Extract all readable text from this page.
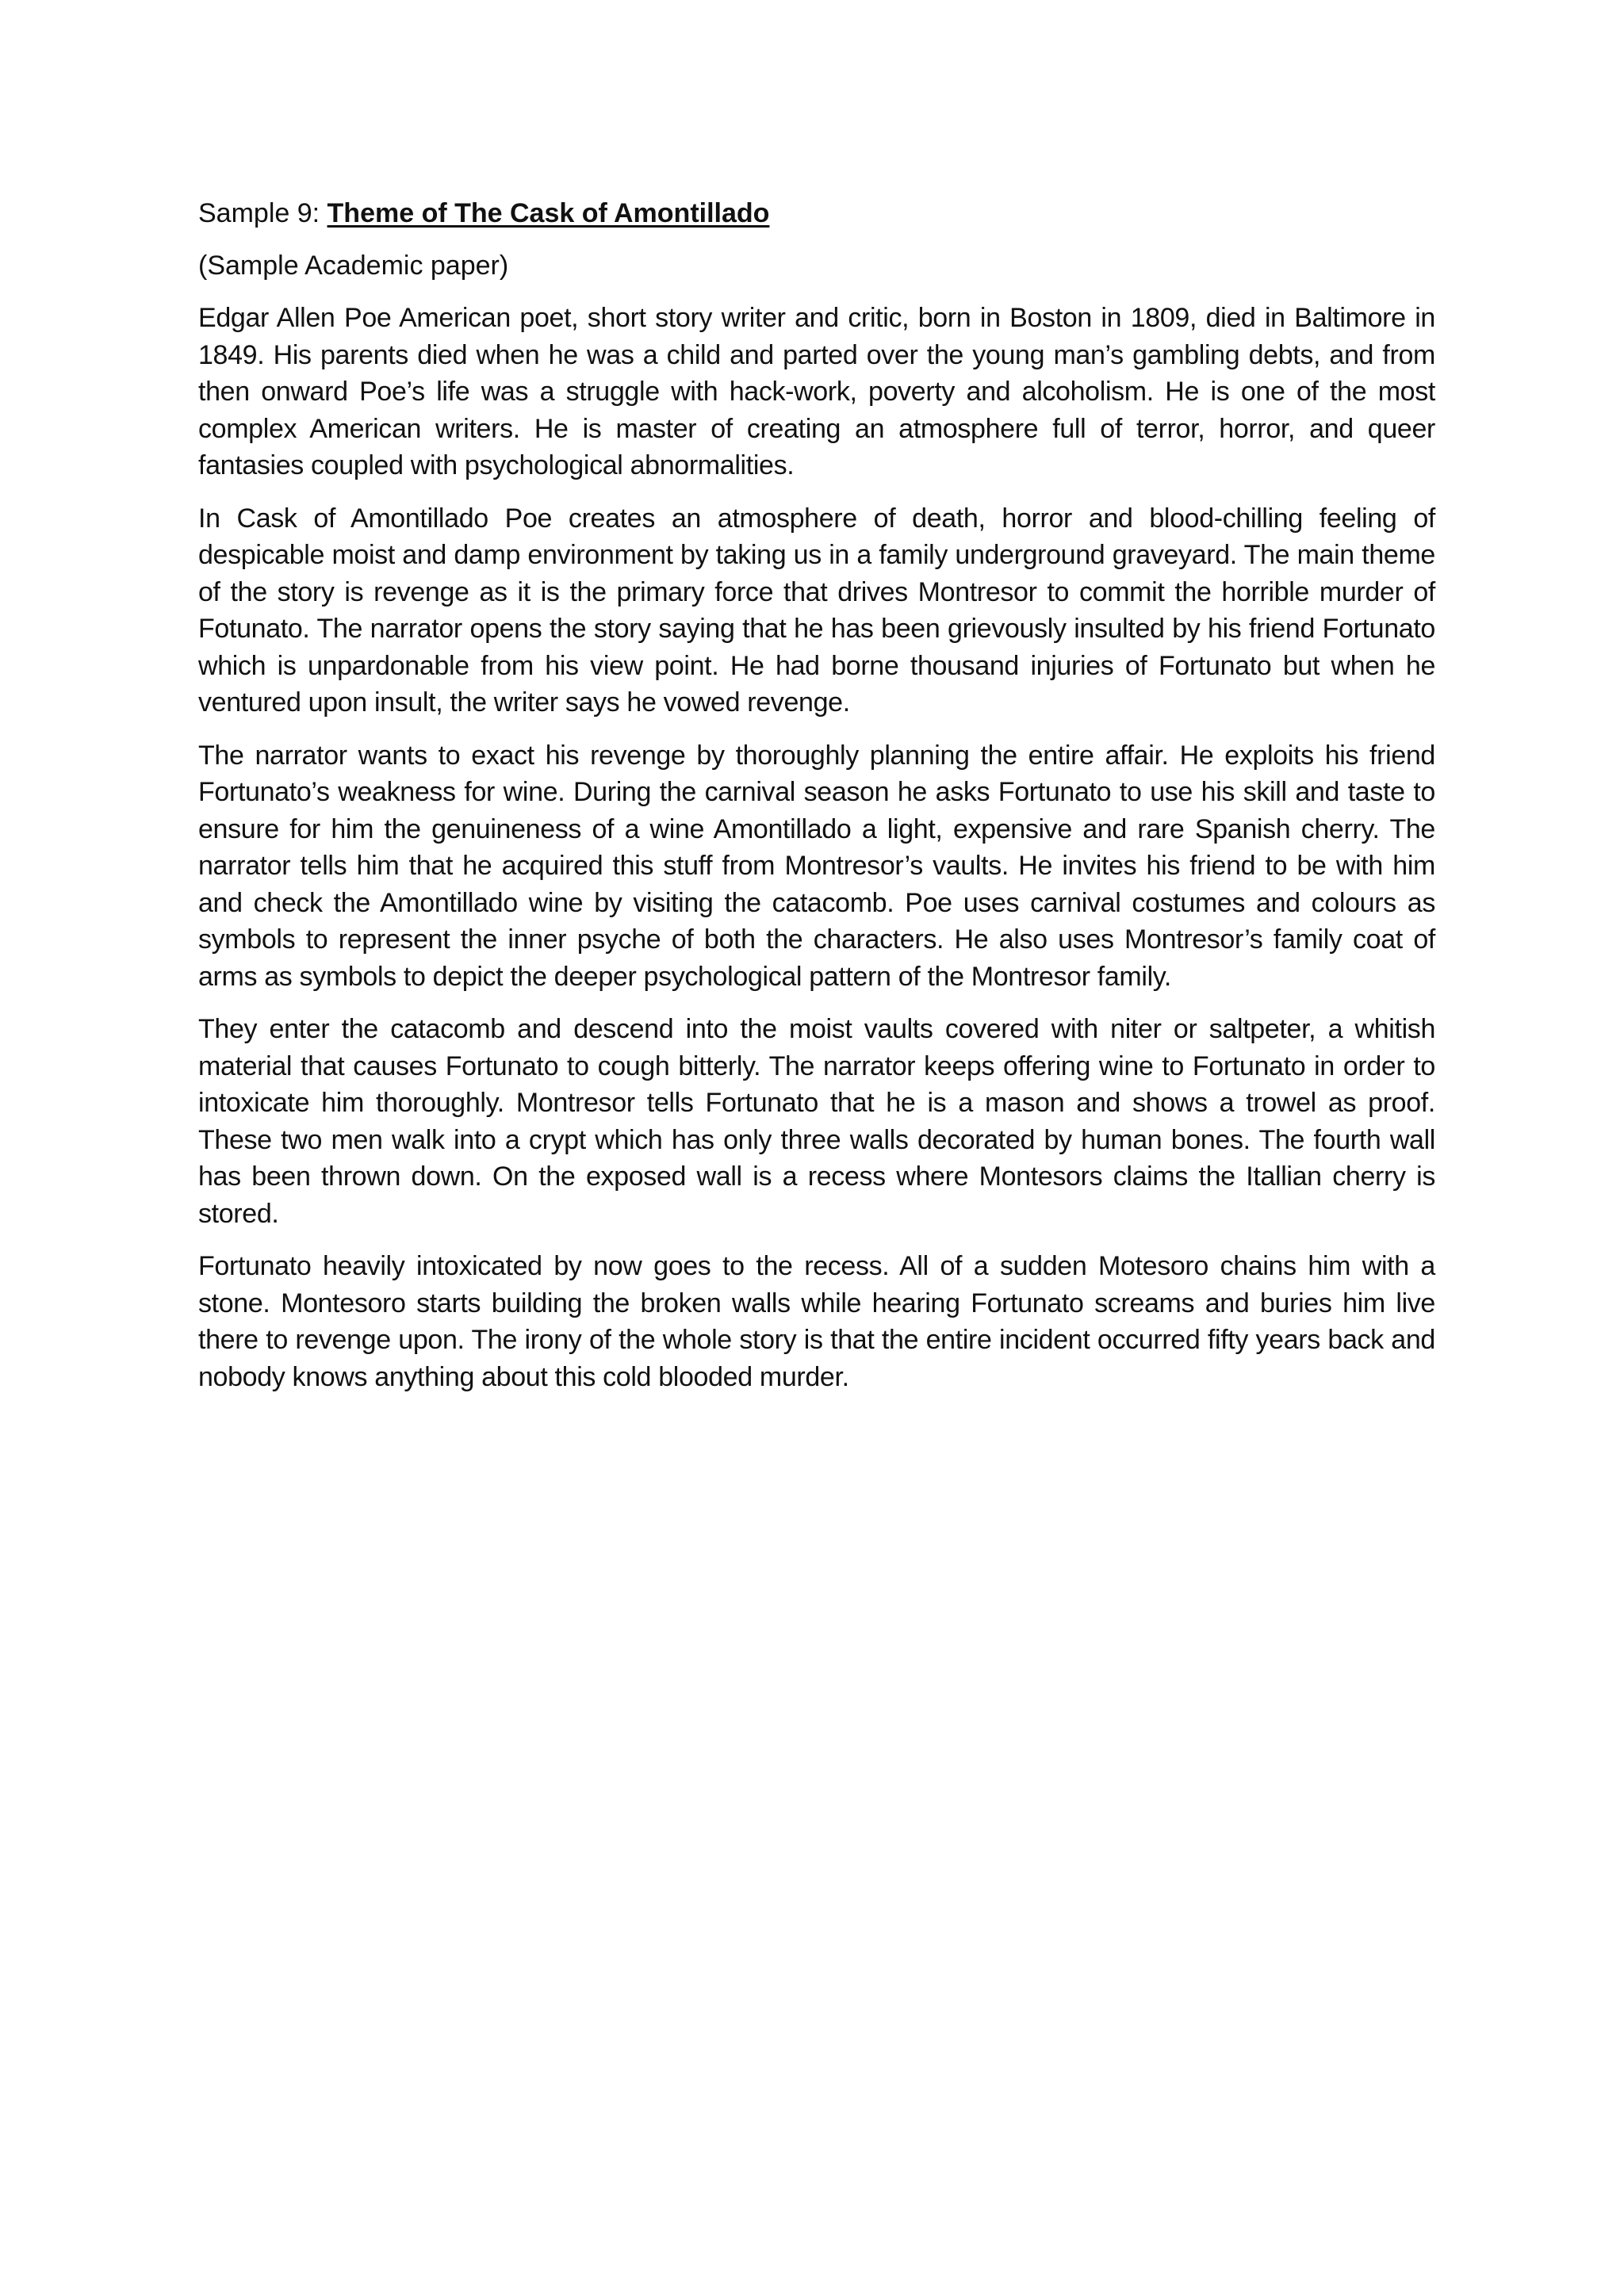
Sample 9: Theme of The Cask of Amontillado

(Sample Academic paper)

Edgar Allen Poe American poet, short story writer and critic, born in Boston in 1809, died in Baltimore in 1849. His parents died when he was a child and parted over the young man’s gambling debts, and from then onward Poe’s life was a struggle with hack-work, poverty and alcoholism. He is one of the most complex American writers. He is master of creating an atmosphere full of terror, horror, and queer fantasies coupled with psychological abnormalities.

In Cask of Amontillado Poe creates an atmosphere of death, horror and blood-chilling feeling of despicable moist and damp environment by taking us in a family underground graveyard. The main theme of the story is revenge as it is the primary force that drives Montresor to commit the horrible murder of Fotunato. The narrator opens the story saying that he has been grievously insulted by his friend Fortunato which is unpardonable from his view point. He had borne thousand injuries of Fortunato but when he ventured upon insult, the writer says he vowed revenge.

The narrator wants to exact his revenge by thoroughly planning the entire affair. He exploits his friend Fortunato’s weakness for wine. During the carnival season he asks Fortunato to use his skill and taste to ensure for him the genuineness of a wine Amontillado a light, expensive and rare Spanish cherry. The narrator tells him that he acquired this stuff from Montresor’s vaults. He invites his friend to be with him and check the Amontillado wine by visiting the catacomb. Poe uses carnival costumes and colours as symbols to represent the inner psyche of both the characters. He also uses Montresor’s family coat of arms as symbols to depict the deeper psychological pattern of the Montresor family.

They enter the catacomb and descend into the moist vaults covered with niter or saltpeter, a whitish material that causes Fortunato to cough bitterly. The narrator keeps offering wine to Fortunato in order to intoxicate him thoroughly. Montresor tells Fortunato that he is a mason and shows a trowel as proof. These two men walk into a crypt which has only three walls decorated by human bones. The fourth wall has been thrown down. On the exposed wall is a recess where Montesors claims the Itallian cherry is stored.

Fortunato heavily intoxicated by now goes to the recess. All of a sudden Motesoro chains him with a stone. Montesoro starts building the broken walls while hearing Fortunato screams and buries him live there to revenge upon. The irony of the whole story is that the entire incident occurred fifty years back and nobody knows anything about this cold blooded murder.
